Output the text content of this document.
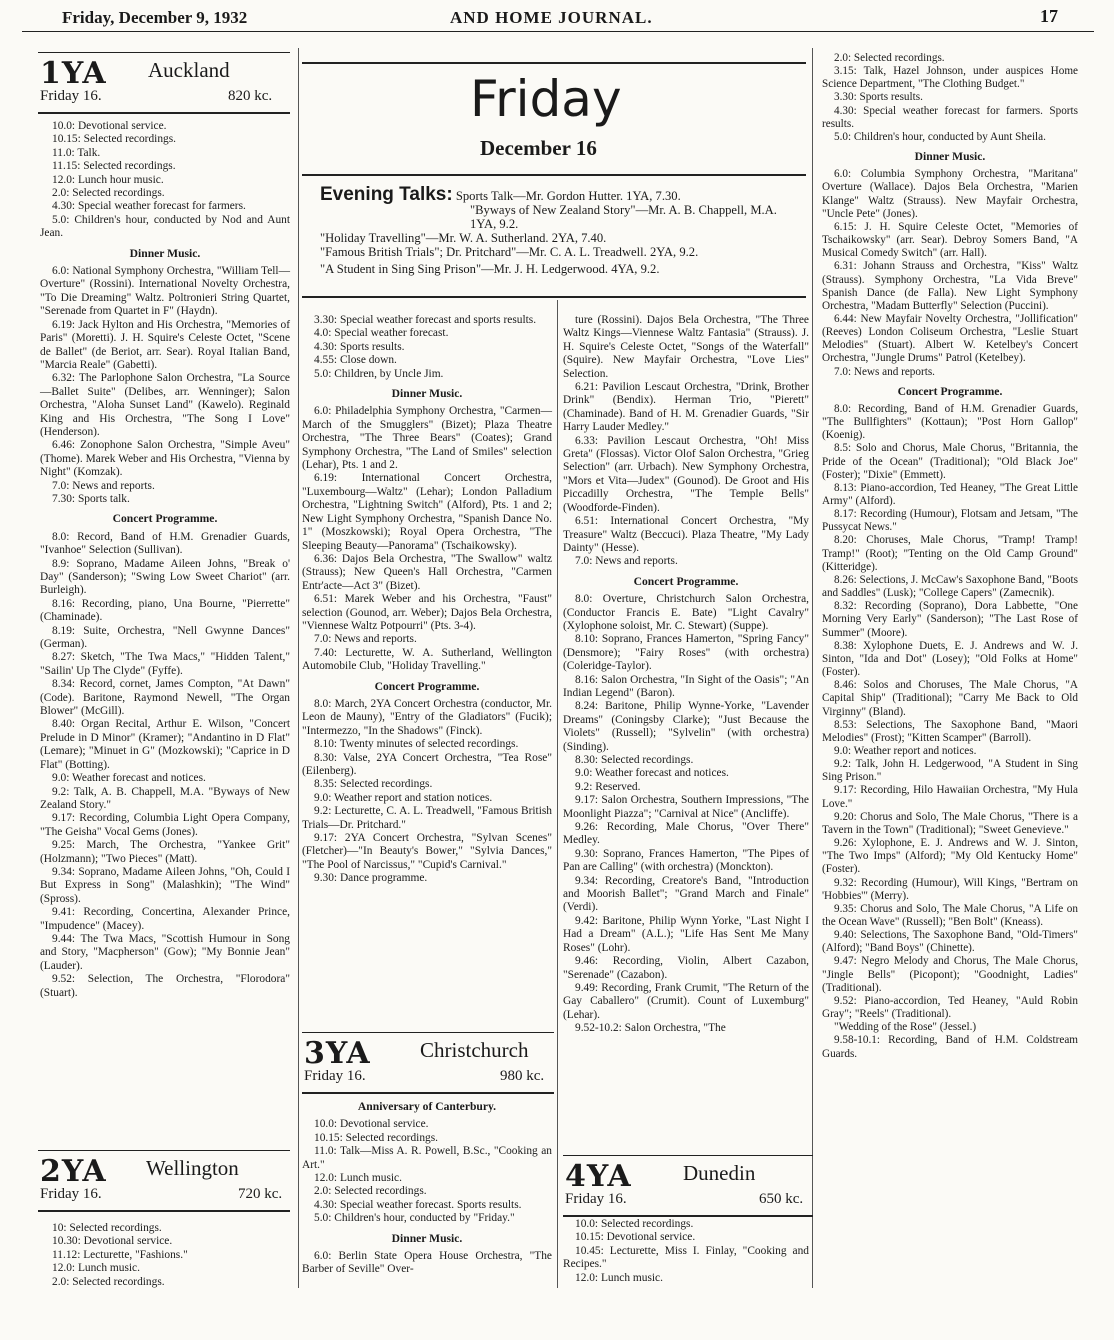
Friday, December 9, 1932	AND HOME JOURNAL.	17
Friday
December 16
Evening Talks: Sports Talk—Mr. Gordon Hutter. 1YA, 7.30.
"Byways of New Zealand Story"—Mr. A. B. Chappell, M.A. 1YA, 9.2.
"Holiday Travelling"—Mr. W. A. Sutherland. 2YA, 7.40.
"Famous British Trials"; Dr. Pritchard"—Mr. C. A. L. Treadwell. 2YA, 9.2.
"A Student in Sing Sing Prison"—Mr. J. H. Ledgerwood. 4YA, 9.2.
1YA Auckland
Friday 16.	820 kc.

10.0: Devotional service.

10.15: Selected recordings.

11.0: Talk.

11.15: Selected recordings.

12.0: Lunch hour music.

2.0: Selected recordings.

4.30: Special weather forecast for farmers.

5.0: Children's hour, conducted by Nod and Aunt Jean.

Dinner Music.

6.0: National Symphony Orchestra, "William Tell—Overture" (Rossini). International Novelty Orchestra, "To Die Dreaming" Waltz. Poltronieri String Quartet, "Serenade from Quartet in F" (Haydn).

6.19: Jack Hylton and His Orchestra, "Memories of Paris" (Moretti). J. H. Squire's Celeste Octet, "Scene de Ballet" (de Beriot, arr. Sear). Royal Italian Band, "Marcia Reale" (Gabetti).

6.32: The Parlophone Salon Orchestra, "La Source—Ballet Suite" (Delibes, arr. Wenninger); Salon Orchestra, "Aloha Sunset Land" (Kawelo). Reginald King and His Orchestra, "The Song I Love" (Henderson).

6.46: Zonophone Salon Orchestra, "Simple Aveu" (Thome). Marek Weber and His Orchestra, "Vienna by Night" (Komzak).

7.0: News and reports.

7.30: Sports talk.

Concert Programme.

8.0: Record, Band of H.M. Grenadier Guards, "Ivanhoe" Selection (Sullivan).

8.9: Soprano, Madame Aileen Johns, "Break o' Day" (Sanderson); "Swing Low Sweet Chariot" (arr. Burleigh).

8.16: Recording, piano, Una Bourne, "Pierrette" (Chaminade).

8.19: Suite, Orchestra, "Nell Gwynne Dances" (German).

8.27: Sketch, "The Twa Macs," "Hidden Talent," "Sailin' Up The Clyde" (Fyffe).

8.34: Record, cornet, James Compton, "At Dawn" (Code). Baritone, Raymond Newell, "The Organ Blower" (McGill).

8.40: Organ Recital, Arthur E. Wilson, "Concert Prelude in D Minor" (Kramer); "Andantino in D Flat" (Lemare); "Minuet in G" (Mozkowski); "Caprice in D Flat" (Botting).

9.0: Weather forecast and notices.

9.2: Talk, A. B. Chappell, M.A. "Byways of New Zealand Story."

9.17: Recording, Columbia Light Opera Company, "The Geisha" Vocal Gems (Jones).

9.25: March, The Orchestra, "Yankee Grit" (Holzmann); "Two Pieces" (Matt).

9.34: Soprano, Madame Aileen Johns, "Oh, Could I But Express in Song" (Malashkin); "The Wind" (Spross).

9.41: Recording, Concertina, Alexander Prince, "Impudence" (Macey).

9.44: The Twa Macs, "Scottish Humour in Song and Story, "Macpherson" (Gow); "My Bonnie Jean" (Lauder).

9.52: Selection, The Orchestra, "Florodora" (Stuart).

2YA Wellington
Friday 16.	720 kc.

10: Selected recordings.

10.30: Devotional service.

11.12: Lecturette, "Fashions."

12.0: Lunch music.

2.0: Selected recordings.

3.30: Special weather forecast and sports results.

4.0: Special weather forecast.

4.30: Sports results.

4.55: Close down.

5.0: Children, by Uncle Jim.

Dinner Music.

6.0: Philadelphia Symphony Orchestra, "Carmen—March of the Smugglers" (Bizet); Plaza Theatre Orchestra, "The Three Bears" (Coates); Grand Symphony Orchestra, "The Land of Smiles" selection (Lehar), Pts. 1 and 2.

6.19: International Concert Orchestra, "Luxembourg—Waltz" (Lehar); London Palladium Orchestra, "Lightning Switch" (Alford), Pts. 1 and 2; New Light Symphony Orchestra, "Spanish Dance No. 1" (Moszkowski); Royal Opera Orchestra, "The Sleeping Beauty—Panorama" (Tschaikowsky).

6.36: Dajos Bela Orchestra, "The Swallow" waltz (Strauss); New Queen's Hall Orchestra, "Carmen Entr'acte—Act 3" (Bizet).

6.51: Marek Weber and his Orchestra, "Faust" selection (Gounod, arr. Weber); Dajos Bela Orchestra, "Viennese Waltz Potpourri" (Pts. 3-4).

7.0: News and reports.

7.40: Lecturette, W. A. Sutherland, Wellington Automobile Club, "Holiday Travelling."

Concert Programme.

8.0: March, 2YA Concert Orchestra (conductor, Mr. Leon de Mauny), "Entry of the Gladiators" (Fucik); "Intermezzo, "In the Shadows" (Finck).

8.10: Twenty minutes of selected recordings.

8.30: Valse, 2YA Concert Orchestra, "Tea Rose" (Eilenberg).

8.35: Selected recordings.

9.0: Weather report and station notices.

9.2: Lecturette, C. A. L. Treadwell, "Famous British Trials—Dr. Pritchard."

9.17: 2YA Concert Orchestra, "Sylvan Scenes" (Fletcher)—"In Beauty's Bower," "Sylvia Dances," "The Pool of Narcissus," "Cupid's Carnival."

9.30: Dance programme.

3YA Christchurch
Friday 16.	980 kc.

Anniversary of Canterbury.

10.0: Devotional service.

10.15: Selected recordings.

11.0: Talk—Miss A. R. Powell, B.Sc., "Cooking an Art."

12.0: Lunch music.

2.0: Selected recordings.

4.30: Special weather forecast. Sports results.

5.0: Children's hour, conducted by "Friday."

Dinner Music.

6.0: Berlin State Opera House Orchestra, "The Barber of Seville" Over-

ture (Rossini). Dajos Bela Orchestra, "The Three Waltz Kings—Viennese Waltz Fantasia" (Strauss). J. H. Squire's Celeste Octet, "Songs of the Waterfall" (Squire). New Mayfair Orchestra, "Love Lies" Selection.

6.21: Pavilion Lescaut Orchestra, "Drink, Brother Drink" (Bendix). Herman Trio, "Pierett" (Chaminade). Band of H. M. Grenadier Guards, "Sir Harry Lauder Medley."

6.33: Pavilion Lescaut Orchestra, "Oh! Miss Greta" (Flossas). Victor Olof Salon Orchestra, "Grieg Selection" (arr. Urbach). New Symphony Orchestra, "Mors et Vita—Judex" (Gounod). De Groot and His Piccadilly Orchestra, "The Temple Bells" (Woodforde-Finden).

6.51: International Concert Orchestra, "My Treasure" Waltz (Beccuci). Plaza Theatre, "My Lady Dainty" (Hesse).

7.0: News and reports.

Concert Programme.

8.0: Overture, Christchurch Salon Orchestra, (Conductor Francis E. Bate) "Light Cavalry" (Xylophone soloist, Mr. C. Stewart) (Suppe).

8.10: Soprano, Frances Hamerton, "Spring Fancy" (Densmore); "Fairy Roses" (with orchestra) (Coleridge-Taylor).

8.16: Salon Orchestra, "In Sight of the Oasis"; "An Indian Legend" (Baron).

8.24: Baritone, Philip Wynne-Yorke, "Lavender Dreams" (Coningsby Clarke); "Just Because the Violets" (Russell); "Sylvelin" (with orchestra) (Sinding).

8.30: Selected recordings.

9.0: Weather forecast and notices.

9.2: Reserved.

9.17: Salon Orchestra, Southern Impressions, "The Moonlight Piazza"; "Carnival at Nice" (Ancliffe).

9.26: Recording, Male Chorus, "Over There" Medley.

9.30: Soprano, Frances Hamerton, "The Pipes of Pan are Calling" (with orchestra) (Monckton).

9.34: Recording, Creatore's Band, "Introduction and Moorish Ballet"; "Grand March and Finale" (Verdi).

9.42: Baritone, Philip Wynn Yorke, "Last Night I Had a Dream" (A.L.); "Life Has Sent Me Many Roses" (Lohr).

9.46: Recording, Violin, Albert Cazabon, "Serenade" (Cazabon).

9.49: Recording, Frank Crumit, "The Return of the Gay Caballero" (Crumit). Count of Luxemburg" (Lehar).

9.52-10.2: Salon Orchestra, "The

4YA Dunedin
Friday 16.	650 kc.

10.0: Selected recordings.

10.15: Devotional service.

10.45: Lecturette, Miss I. Finlay, "Cooking and Recipes."

12.0: Lunch music.

2.0: Selected recordings.

3.15: Talk, Hazel Johnson, under auspices Home Science Department, "The Clothing Budget."

3.30: Sports results.

4.30: Special weather forecast for farmers. Sports results.

5.0: Children's hour, conducted by Aunt Sheila.

Dinner Music.

6.0: Columbia Symphony Orchestra, "Maritana" Overture (Wallace). Dajos Bela Orchestra, "Marien Klange" Waltz (Strauss). New Mayfair Orchestra, "Uncle Pete" (Jones).

6.15: J. H. Squire Celeste Octet, "Memories of Tschaikowsky" (arr. Sear). Debroy Somers Band, "A Musical Comedy Switch" (arr. Hall).

6.31: Johann Strauss and Orchestra, "Kiss" Waltz (Strauss). Symphony Orchestra, "La Vida Breve" Spanish Dance (de Falla). New Light Symphony Orchestra, "Madam Butterfly" Selection (Puccini).

6.44: New Mayfair Novelty Orchestra, "Jollification" (Reeves) London Coliseum Orchestra, "Leslie Stuart Melodies" (Stuart). Albert W. Ketelbey's Concert Orchestra, "Jungle Drums" Patrol (Ketelbey).

7.0: News and reports.

Concert Programme.

8.0: Recording, Band of H.M. Grenadier Guards, "The Bullfighters" (Kottaun); "Post Horn Gallop" (Koenig).

8.5: Solo and Chorus, Male Chorus, "Britannia, the Pride of the Ocean" (Traditional); "Old Black Joe" (Foster); "Dixie" (Emmett).

8.13: Piano-accordion, Ted Heaney, "The Great Little Army" (Alford).

8.17: Recording (Humour), Flotsam and Jetsam, "The Pussycat News."

8.20: Choruses, Male Chorus, "Tramp! Tramp! Tramp!" (Root); "Tenting on the Old Camp Ground" (Kitteridge).

8.26: Selections, J. McCaw's Saxophone Band, "Boots and Saddles" (Lusk); "College Capers" (Zamecnik).

8.32: Recording (Soprano), Dora Labbette, "One Morning Very Early" (Sanderson); "The Last Rose of Summer" (Moore).

8.38: Xylophone Duets, E. J. Andrews and W. J. Sinton, "Ida and Dot" (Losey); "Old Folks at Home" (Foster).

8.46: Solos and Choruses, The Male Chorus, "A Capital Ship" (Traditional); "Carry Me Back to Old Virginny" (Bland).

8.53: Selections, The Saxophone Band, "Maori Melodies" (Frost); "Kitten Scamper" (Barroll).

9.0: Weather report and notices.

9.2: Talk, John H. Ledgerwood, "A Student in Sing Sing Prison."

9.17: Recording, Hilo Hawaiian Orchestra, "My Hula Love."

9.20: Chorus and Solo, The Male Chorus, "There is a Tavern in the Town" (Traditional); "Sweet Genevieve."

9.26: Xylophone, E. J. Andrews and W. J. Sinton, "The Two Imps" (Alford); "My Old Kentucky Home" (Foster).

9.32: Recording (Humour), Will Kings, "Bertram on 'Hobbies'" (Merry).

9.35: Chorus and Solo, The Male Chorus, "A Life on the Ocean Wave" (Russell); "Ben Bolt" (Kneass).

9.40: Selections, The Saxophone Band, "Old-Timers" (Alford); "Band Boys" (Chinette).

9.47: Negro Melody and Chorus, The Male Chorus, "Jingle Bells" (Picopont); "Goodnight, Ladies" (Traditional).

9.52: Piano-accordion, Ted Heaney, "Auld Robin Gray"; "Reels" (Traditional).

"Wedding of the Rose" (Jessel.)

9.58-10.1: Recording, Band of H.M. Coldstream Guards.
